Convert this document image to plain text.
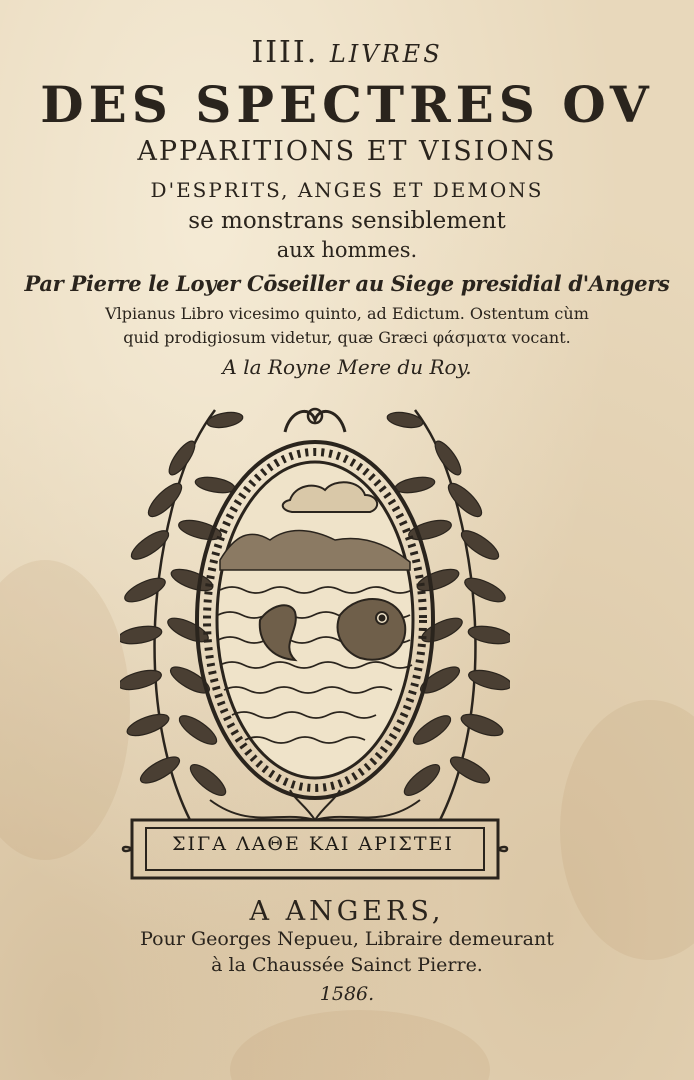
IIII. LIVRES
DES SPECTRES OV
APPARITIONS ET VISIONS
D'ESPRITS, ANGES ET DEMONS
se monstrans sensiblement
aux hommes.
Par Pierre le Loyer Cōseiller au Siege presidial d'Angers
Vlpianus Libro vicesimo quinto, ad Edictum. Ostentum cùm
quid prodigiosum videtur, quæ Græci φάσματα vocant.
A la Royne Mere du Roy.
ΣΙΓΑ ΛΑΘΕ ΚΑΙ ΑΡΙΣΤΕΙ
A ANGERS,
Pour Georges Nepueu, Libraire demeurant
à la Chaussée Sainct Pierre.
1586.
